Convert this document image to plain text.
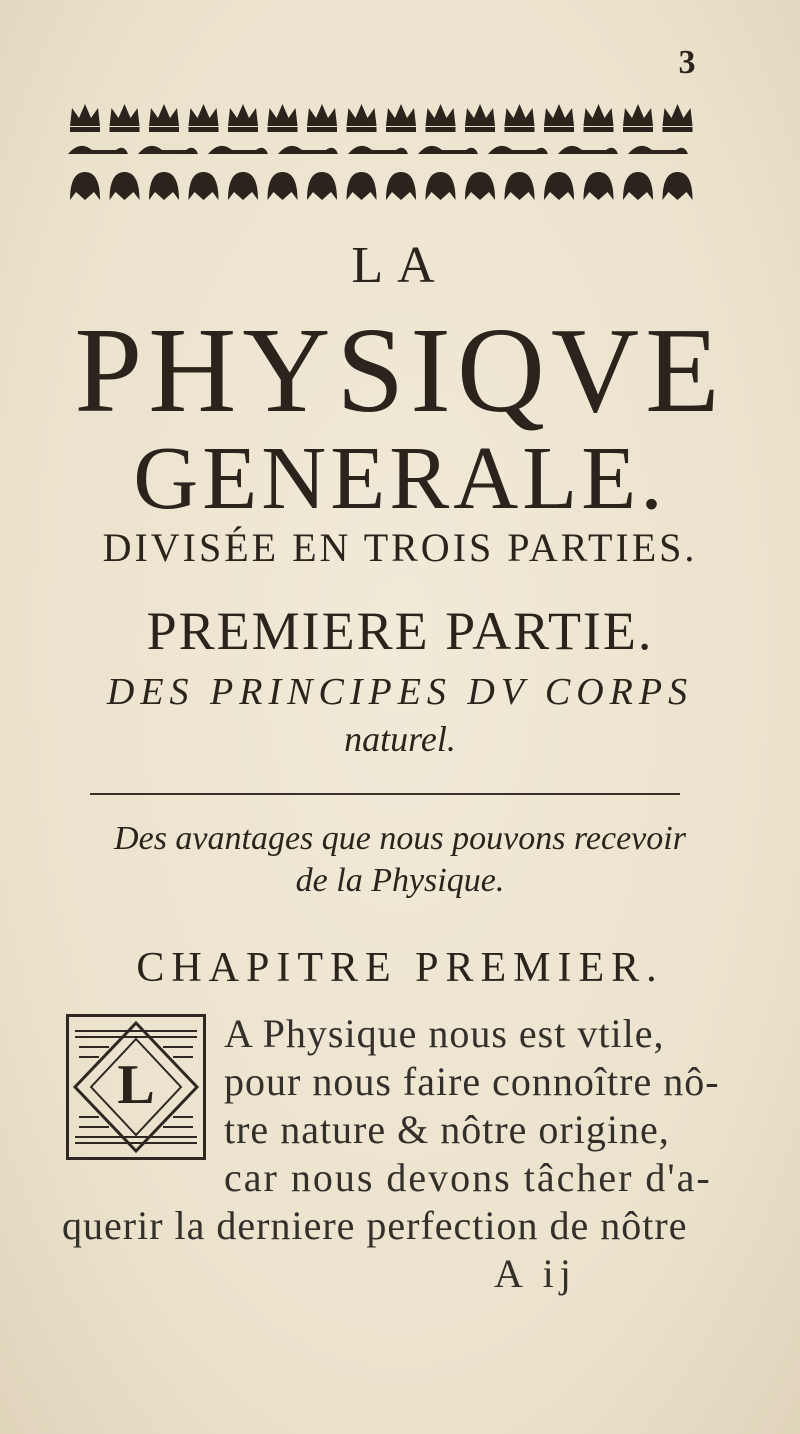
3
LA
PHYSIQVE
GENERALE.
DIVISÉE EN TROIS PARTIES.
PREMIERE PARTIE.
DES PRINCIPES DV CORPS
naturel.
Des avantages que nous pouvons recevoir
de la Physique.
CHAPITRE PREMIER.
L
A Physique nous est vtile,
pour nous faire connoître nô-
tre nature & nôtre origine,
car nous devons tâcher d'a-
querir la derniere perfection de nôtre
A ij
